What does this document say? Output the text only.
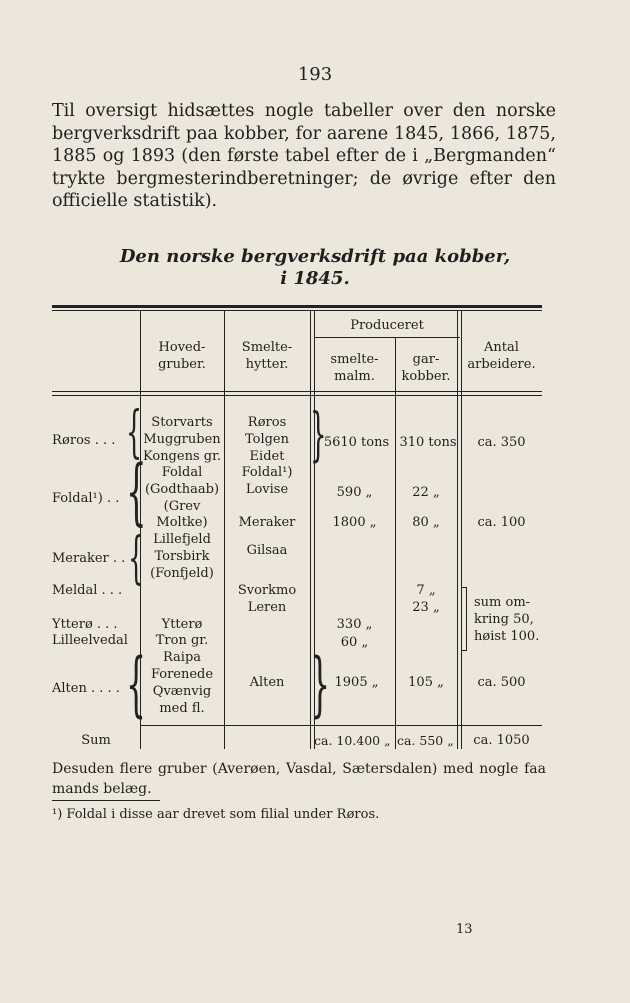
193
Til oversigt hidsættes nogle tabeller over den norske bergverksdrift paa kobber, for aarene 1845, 1866, 1875, 1885 og 1893 (den første tabel efter de i „Bergmanden“ trykte bergmesterindberetninger; de øvrige efter den officielle statistik).
Den norske bergverksdrift paa kobber,
i 1845.
Hoved-
gruber.
Smelte-
hytter.
Produceret
smelte-
malm.
gar-
kobber.
Antal
arbeidere.
Røros . . .
Foldal¹) . .
Meraker . .
Meldal . . .
Ytterø . . .
Lilleelvedal
Alten . . . .
{
{
{
{
Storvarts
Muggruben
Kongens gr.
Foldal
(Godthaab)
(Grev
Moltke)
Lillefjeld
Torsbirk
(Fonfjeld)
Ytterø
Tron gr.
Raipa
Forenede
Qvænvig
med fl.
Røros
Tolgen
Eidet
Foldal¹)
Lovise
Meraker
Gilsaa
Svorkmo
Leren
Alten
}
}
5610 tons
590 „
1800 „
330 „
60 „
1905 „
310 tons
22 „
80 „
7 „
23 „
105 „
ca. 350
ca. 100
sum om-
kring 50,
høist 100.
ca. 500
Sum	ca. 10.400 „ ca. 550 „	ca. 1050
Desuden flere gruber (Averøen, Vasdal, Sætersdalen) med nogle faa mands belæg.
¹) Foldal i disse aar drevet som filial under Røros.
13
